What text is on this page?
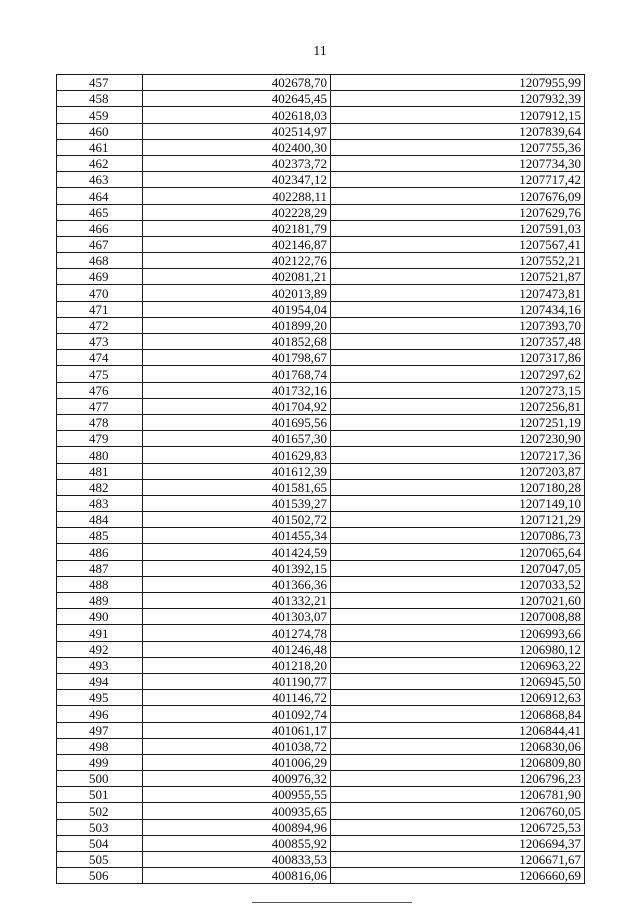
11
457	402678,70	1207955,99
458	402645,45	1207932,39
459	402618,03	1207912,15
460	402514,97	1207839,64
461	402400,30	1207755,36
462	402373,72	1207734,30
463	402347,12	1207717,42
464	402288,11	1207676,09
465	402228,29	1207629,76
466	402181,79	1207591,03
467	402146,87	1207567,41
468	402122,76	1207552,21
469	402081,21	1207521,87
470	402013,89	1207473,81
471	401954,04	1207434,16
472	401899,20	1207393,70
473	401852,68	1207357,48
474	401798,67	1207317,86
475	401768,74	1207297,62
476	401732,16	1207273,15
477	401704,92	1207256,81
478	401695,56	1207251,19
479	401657,30	1207230,90
480	401629,83	1207217,36
481	401612,39	1207203,87
482	401581,65	1207180,28
483	401539,27	1207149,10
484	401502,72	1207121,29
485	401455,34	1207086,73
486	401424,59	1207065,64
487	401392,15	1207047,05
488	401366,36	1207033,52
489	401332,21	1207021,60
490	401303,07	1207008,88
491	401274,78	1206993,66
492	401246,48	1206980,12
493	401218,20	1206963,22
494	401190,77	1206945,50
495	401146,72	1206912,63
496	401092,74	1206868,84
497	401061,17	1206844,41
498	401038,72	1206830,06
499	401006,29	1206809,80
500	400976,32	1206796,23
501	400955,55	1206781,90
502	400935,65	1206760,05
503	400894,96	1206725,53
504	400855,92	1206694,37
505	400833,53	1206671,67
506	400816,06	1206660,69
